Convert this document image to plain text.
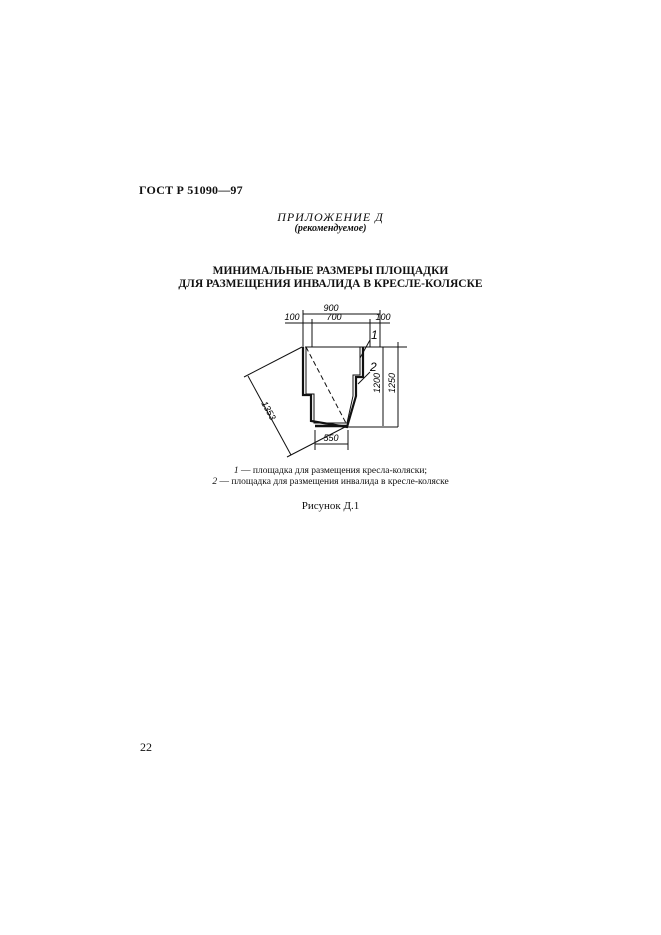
ГОСТ Р 51090—97
ПРИЛОЖЕНИЕ Д
(рекомендуемое)
МИНИМАЛЬНЫЕ РАЗМЕРЫ ПЛОЩАДКИ
ДЛЯ РАЗМЕЩЕНИЯ ИНВАЛИДА В КРЕСЛЕ-КОЛЯСКЕ
900
100	700	100
550
1200 1250
1353
1
2
1 — площадка для размещения кресла-коляски;
2 — площадка для размещения инвалида в кресле-коляске
Рисунок Д.1
22
